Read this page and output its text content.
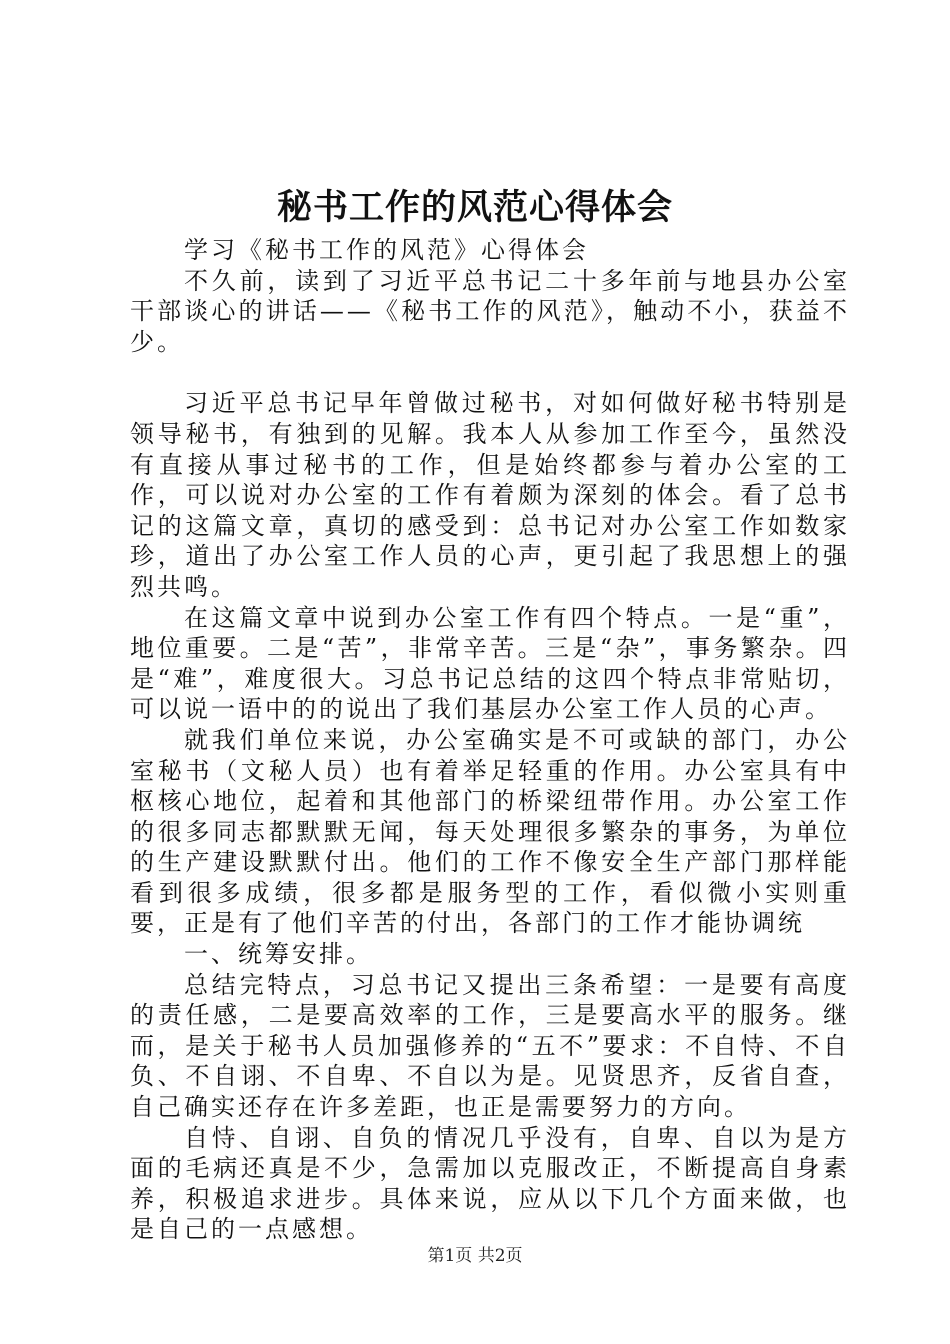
秘书工作的风范心得体会

学习《秘书工作的风范》心得体会

不久前，读到了习近平总书记二十多年前与地县办公室干部谈心的讲话——《秘书工作的风范》，触动不小，获益不少。

习近平总书记早年曾做过秘书，对如何做好秘书特别是领导秘书，有独到的见解。我本人从参加工作至今，虽然没有直接从事过秘书的工作，但是始终都参与着办公室的工作，可以说对办公室的工作有着颇为深刻的体会。看了总书记的这篇文章，真切的感受到：总书记对办公室工作如数家珍，道出了办公室工作人员的心声，更引起了我思想上的强烈共鸣。

在这篇文章中说到办公室工作有四个特点。一是“重”，地位重要。二是“苦”，非常辛苦。三是“杂”，事务繁杂。四是“难”，难度很大。习总书记总结的这四个特点非常贴切，可以说一语中的的说出了我们基层办公室工作人员的心声。

就我们单位来说，办公室确实是不可或缺的部门，办公室秘书（文秘人员）也有着举足轻重的作用。办公室具有中枢核心地位，起着和其他部门的桥梁纽带作用。办公室工作的很多同志都默默无闻，每天处理很多繁杂的事务，为单位的生产建设默默付出。他们的工作不像安全生产部门那样能看到很多成绩，很多都是服务型的工作，看似微小实则重要，正是有了他们辛苦的付出，各部门的工作才能协调统

一、统筹安排。

总结完特点，习总书记又提出三条希望：一是要有高度的责任感，二是要高效率的工作，三是要高水平的服务。继而，是关于秘书人员加强修养的“五不”要求：不自恃、不自负、不自诩、不自卑、不自以为是。见贤思齐，反省自查，自己确实还存在许多差距，也正是需要努力的方向。

自恃、自诩、自负的情况几乎没有，自卑、自以为是方面的毛病还真是不少，急需加以克服改正，不断提高自身素养，积极追求进步。具体来说，应从以下几个方面来做，也是自己的一点感想。

第1页 共2页
